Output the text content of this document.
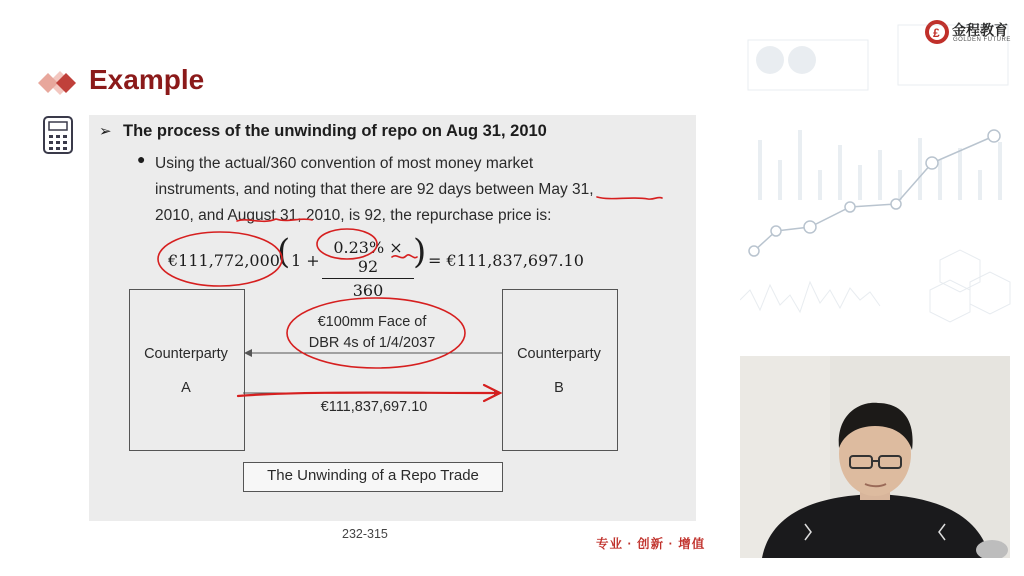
Example
£ 金程教育
GOLDEN FUTURE
➢ The process of the unwinding of repo on Aug 31, 2010
● Using the actual/360 convention of most money market
instruments, and noting that there are 92 days between May 31,
2010, and August 31, 2010, is 92, the repurchase price is:
€111,772,000
( $1 + \frac{0.23\% \times 92}{360}$ ) = €111,837,697.10
Counterparty
A
Counterparty
B
€100mm Face of
DBR 4s of 1/4/2037
€111,837,697.10
The Unwinding of a Repo Trade
232-315
专业 · 创新 · 增值
